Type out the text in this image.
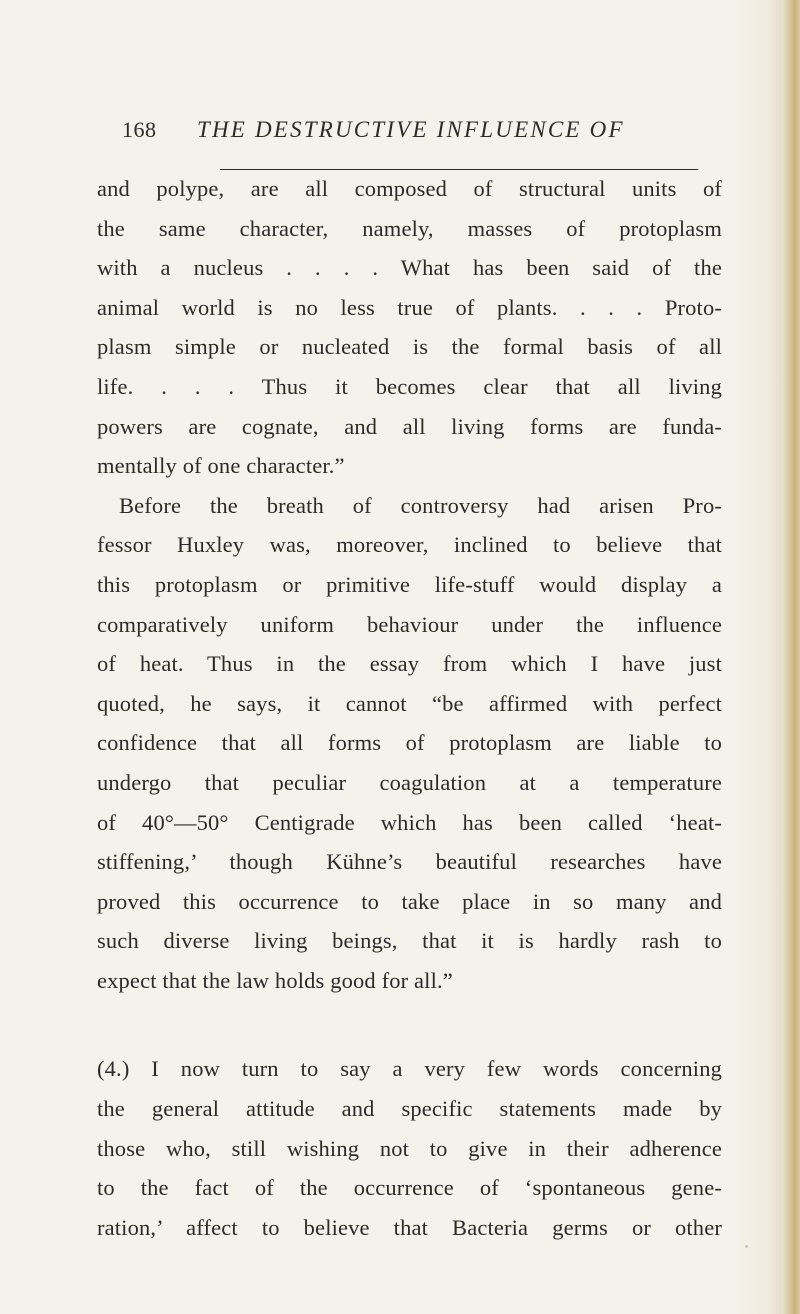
168 THE DESTRUCTIVE INFLUENCE OF
and polype, are all composed of structural units of
the same character, namely, masses of protoplasm
with a nucleus . . . . What has been said of the
animal world is no less true of plants. . . . Proto-
plasm simple or nucleated is the formal basis of all
life. . . . Thus it becomes clear that all living
powers are cognate, and all living forms are funda-
mentally of one character.”
Before the breath of controversy had arisen Pro-
fessor Huxley was, moreover, inclined to believe that
this protoplasm or primitive life-stuff would display a
comparatively uniform behaviour under the influence
of heat. Thus in the essay from which I have just
quoted, he says, it cannot “be affirmed with perfect
confidence that all forms of protoplasm are liable to
undergo that peculiar coagulation at a temperature
of 40°—50° Centigrade which has been called ‘heat-
stiffening,’ though Kühne’s beautiful researches have
proved this occurrence to take place in so many and
such diverse living beings, that it is hardly rash to
expect that the law holds good for all.”
(4.) I now turn to say a very few words concerning
the general attitude and specific statements made by
those who, still wishing not to give in their adherence
to the fact of the occurrence of ‘spontaneous gene-
ration,’ affect to believe that Bacteria germs or other
